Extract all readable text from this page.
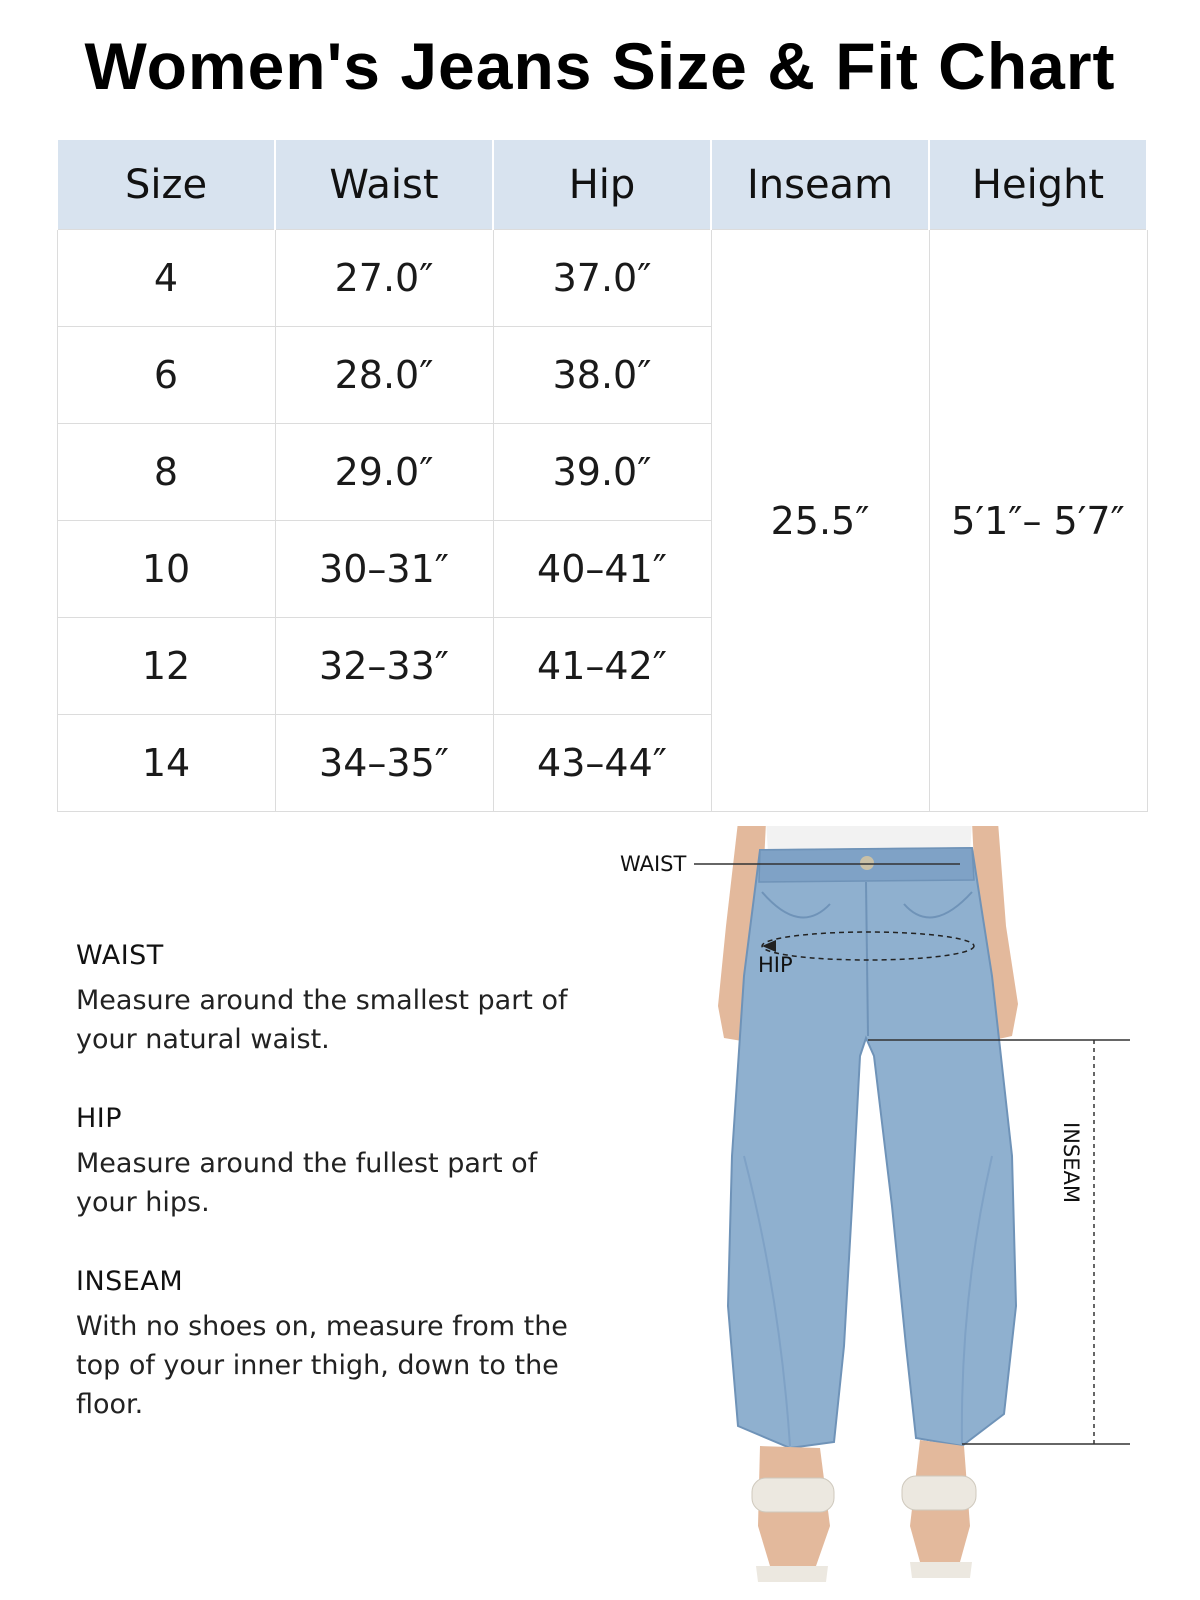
Women's Jeans Size & Fit Chart
Size	Waist	Hip	Inseam	Height
4	27.0″	37.0″	25.5″	5′1″– 5′7″
6	28.0″	38.0″		
8	29.0″	39.0″		
10	30–31″	40–41″		
12	32–33″	41–42″		
14	34–35″	43–44″		
WAIST
Measure around the smallest part of your natural waist.
HIP
Measure around the fullest part of your hips.
INSEAM
With no shoes on, measure from the top of your inner thigh, down to the floor.
WAIST
HIP
INSEAM
